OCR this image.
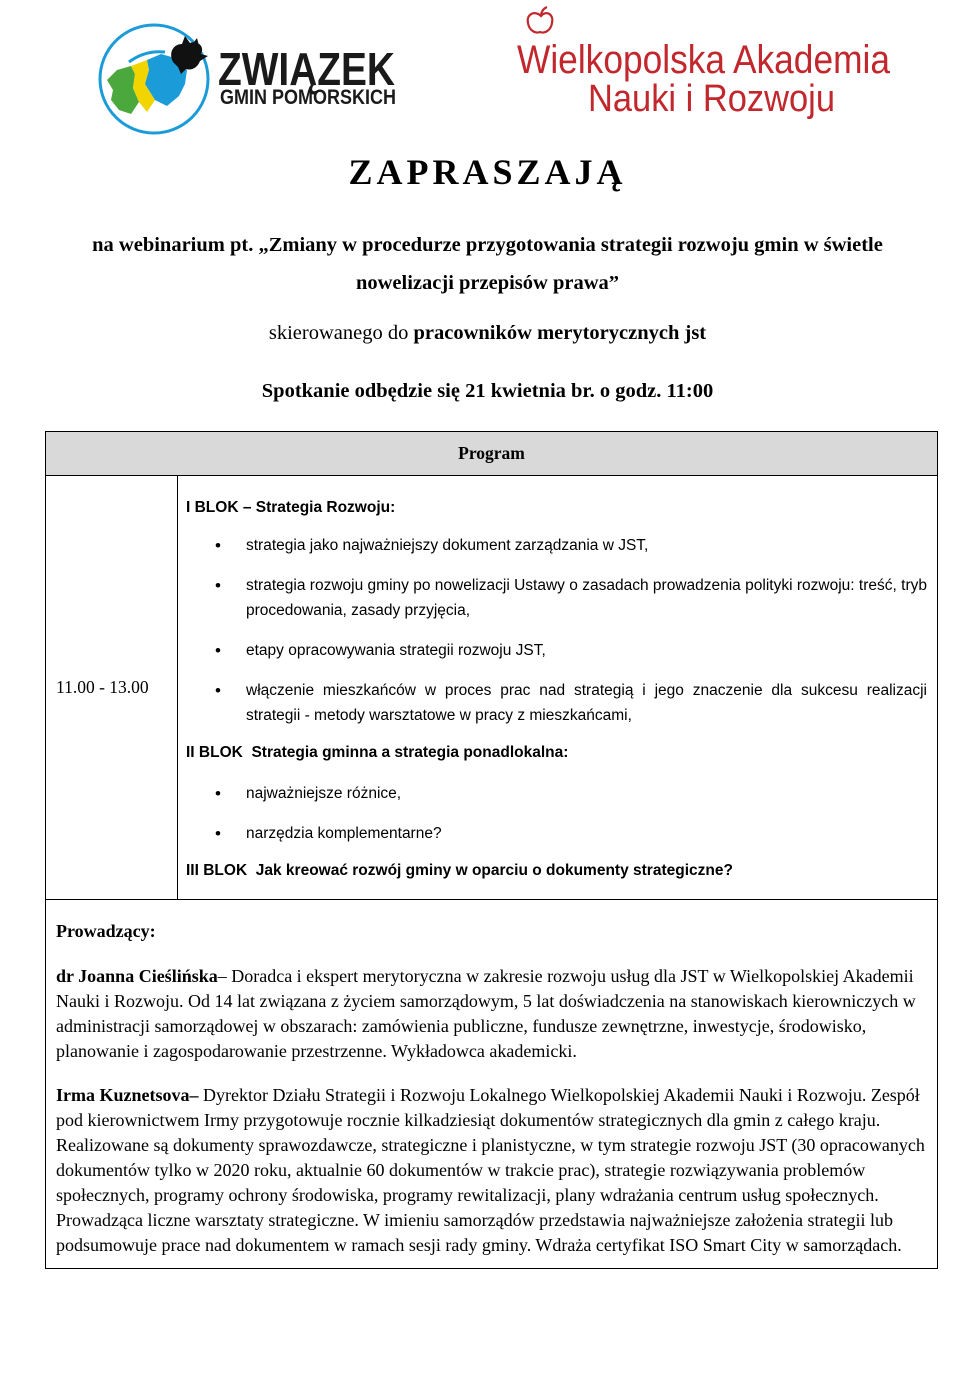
ZWIĄZEK
GMIN POMORSKICH
Wielkopolska Akademia
Nauki i Rozwoju
ZAPRASZAJĄ
na webinarium pt. „Zmiany w procedurze przygotowania strategii rozwoju gmin w świetle
nowelizacji przepisów prawa”
skierowanego do pracowników merytorycznych jst
Spotkanie odbędzie się 21 kwietnia br. o godz. 11:00
Program
11.00 - 13.00	
I BLOK – Strategia Rozwoju:
• strategia jako najważniejszy dokument zarządzania w JST,
• strategia rozwoju gminy po nowelizacji Ustawy o zasadach prowadzenia polityki rozwoju: treść, tryb procedowania, zasady przyjęcia,
• etapy opracowywania strategii rozwoju JST,
• włączenie mieszkańców w proces prac nad strategią i jego znaczenie dla sukcesu realizacji strategii - metody warsztatowe w pracy z mieszkańcami,
II BLOK  Strategia gminna a strategia ponadlokalna:
• najważniejsze różnice,
• narzędzia komplementarne?
III BLOK  Jak kreować rozwój gminy w oparciu o dokumenty strategiczne?

Prowadzący:

dr Joanna Cieślińska– Doradca i ekspert merytoryczna w zakresie rozwoju usług dla JST w Wielkopolskiej Akademii Nauki i Rozwoju. Od 14 lat związana z życiem samorządowym, 5 lat doświadczenia na stanowiskach kierowniczych w administracji samorządowej w obszarach: zamówienia publiczne, fundusze zewnętrzne, inwestycje, środowisko, planowanie i zagospodarowanie przestrzenne. Wykładowca akademicki.

Irma Kuznetsova– Dyrektor Działu Strategii i Rozwoju Lokalnego Wielkopolskiej Akademii Nauki i Rozwoju. Zespół pod kierownictwem Irmy przygotowuje rocznie kilkadziesiąt dokumentów strategicznych dla gmin z całego kraju. Realizowane są dokumenty sprawozdawcze, strategiczne i planistyczne, w tym strategie rozwoju JST (30 opracowanych dokumentów tylko w 2020 roku, aktualnie 60 dokumentów w trakcie prac), strategie rozwiązywania problemów społecznych, programy ochrony środowiska, programy rewitalizacji, plany wdrażania centrum usług społecznych. Prowadząca liczne warsztaty strategiczne. W imieniu samorządów przedstawia najważniejsze założenia strategii lub podsumowuje prace nad dokumentem w ramach sesji rady gminy. Wdraża certyfikat ISO Smart City w samorządach.
